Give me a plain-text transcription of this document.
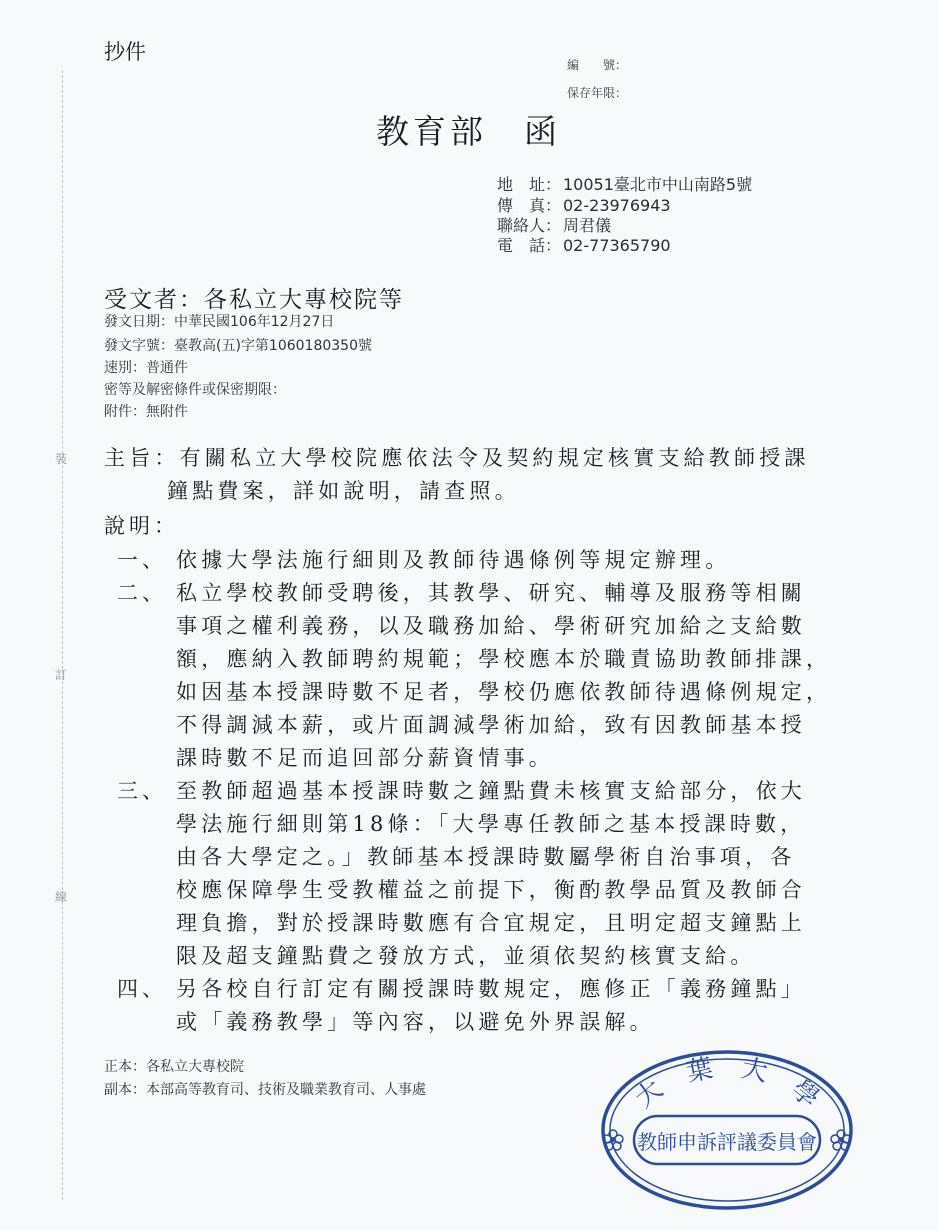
裝
訂
線
抄件
編　　號：
保存年限：
教育部　函
地　址： 10051臺北市中山南路5號
傳　真： 02-23976943
聯絡人： 周君儀
電　話： 02-77365790
受文者：各私立大專校院等
發文日期：中華民國106年12月27日
發文字號：臺教高(五)字第1060180350號
速別：普通件
密等及解密條件或保密期限：
附件：無附件
主旨：有關私立大學校院應依法令及契約規定核實支給教師授課
鐘點費案，詳如說明，請查照。
說明：
一、 依據大學法施行細則及教師待遇條例等規定辦理。
二、 私立學校教師受聘後，其教學、研究、輔導及服務等相關
事項之權利義務，以及職務加給、學術研究加給之支給數
額，應納入教師聘約規範；學校應本於職責協助教師排課，
如因基本授課時數不足者，學校仍應依教師待遇條例規定，
不得調減本薪，或片面調減學術加給，致有因教師基本授
課時數不足而追回部分薪資情事。
三、 至教師超過基本授課時數之鐘點費未核實支給部分，依大
學法施行細則第18條：「大學專任教師之基本授課時數，
由各大學定之。」教師基本授課時數屬學術自治事項，各
校應保障學生受教權益之前提下，衡酌教學品質及教師合
理負擔，對於授課時數應有合宜規定，且明定超支鐘點上
限及超支鐘點費之發放方式，並須依契約核實支給。
四、 另各校自行訂定有關授課時數規定，應修正「義務鐘點」
或「義務教學」等內容，以避免外界誤解。
正本：各私立大專校院
副本：本部高等教育司、技術及職業教育司、人事處	大　葉　大　學
教師申訴評議委員會
